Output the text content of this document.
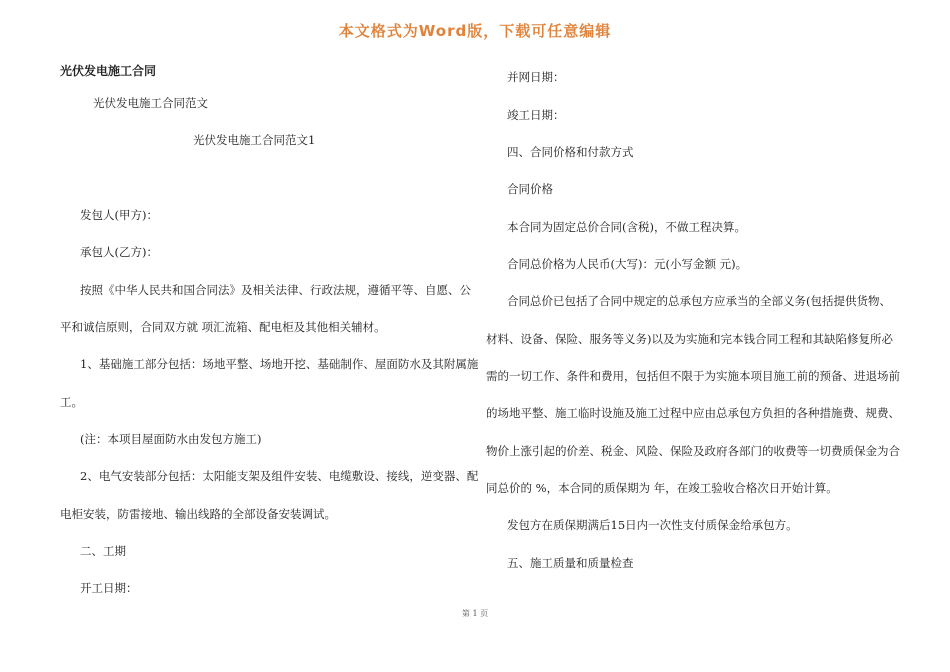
本文格式为Word版，下载可任意编辑
光伏发电施工合同
光伏发电施工合同范文
光伏发电施工合同范文1
发包人(甲方)：
承包人(乙方)：
按照《中华人民共和国合同法》及相关法律、行政法规，遵循平等、自愿、公
平和诚信原则，合同双方就 项汇流箱、配电柜及其他相关辅材。
1、基础施工部分包括：场地平整、场地开挖、基础制作、屋面防水及其附属施
工。
(注：本项目屋面防水由发包方施工)
2、电气安装部分包括：太阳能支架及组件安装、电缆敷设、接线，逆变器、配
电柜安装，防雷接地、输出线路的全部设备安装调试。
二、工期
开工日期：
并网日期：
竣工日期：
四、合同价格和付款方式
合同价格
本合同为固定总价合同(含税)，不做工程决算。
合同总价格为人民币(大写)：元(小写金额 元)。
合同总价已包括了合同中规定的总承包方应承当的全部义务(包括提供货物、
材料、设备、保险、服务等义务)以及为实施和完本钱合同工程和其缺陷修复所必
需的一切工作、条件和费用，包括但不限于为实施本项目施工前的预备、进退场前
的场地平整、施工临时设施及施工过程中应由总承包方负担的各种措施费、规费、
物价上涨引起的价差、税金、风险、保险及政府各部门的收费等一切费质保金为合
同总价的 %，本合同的质保期为 年，在竣工验收合格次日开始计算。
发包方在质保期满后15日内一次性支付质保金给承包方。
五、施工质量和质量检查
第 1 页
